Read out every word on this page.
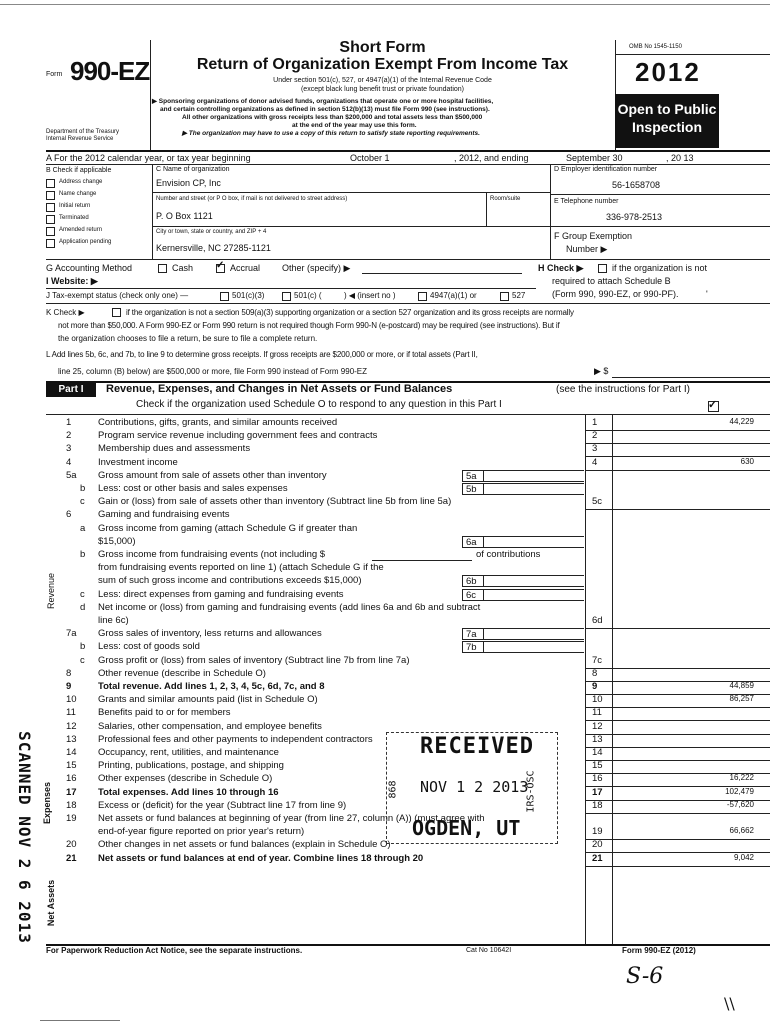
Form 990-EZ
Department of the Treasury
Internal Revenue Service
Short Form
Return of Organization Exempt From Income Tax
Under section 501(c), 527, or 4947(a)(1) of the Internal Revenue Code
(except black lung benefit trust or private foundation)
▶ Sponsoring organizations of donor advised funds, organizations that operate one or more hospital facilities,
and certain controlling organizations as defined in section 512(b)(13) must file Form 990 (see instructions).
All other organizations with gross receipts less than $200,000 and total assets less than $500,000
at the end of the year may use this form.
▶ The organization may have to use a copy of this return to satisfy state reporting requirements.
OMB No 1545-1150
2012
Open to Public
Inspection
A For the 2012 calendar year, or tax year beginning	October 1	, 2012, and ending	September 30	, 20 13
B Check if applicable
Address change
Name change
Initial return
Terminated
Amended return
Application pending
C Name of organization
Envision CP, Inc
Number and street (or P O box, if mail is not delivered to street address)	Room/suite
P. O Box 1121
City or town, state or country, and ZIP + 4
Kernersville, NC 27285-1121
D Employer identification number
56-1658708
E Telephone number
336-978-2513
F Group Exemption
Number ▶
G Accounting Method	Cash ✓ Accrual Other (specify) ▶	H Check ▶	if the organization is not
required to attach Schedule B
(Form 990, 990-EZ, or 990-PF).	'
I Website: ▶
J Tax-exempt status (check only one) —	501(c)(3)	501(c) (	) ◀ (insert no )	4947(a)(1) or	527
K Check ▶	if the organization is not a section 509(a)(3) supporting organization or a section 527 organization and its gross receipts are normally
not more than $50,000. A Form 990-EZ or Form 990 return is not required though Form 990-N (e-postcard) may be required (see instructions). But if
the organization chooses to file a return, be sure to file a complete return.
L Add lines 5b, 6c, and 7b, to line 9 to determine gross receipts. If gross receipts are $200,000 or more, or if total assets (Part II,
line 25, column (B) below) are $500,000 or more, file Form 990 instead of Form 990-EZ	▶ $
Part I	Revenue, Expenses, and Changes in Net Assets or Fund Balances	(see the instructions for Part I)
Check if the organization used Schedule O to respond to any question in this Part I	✓
Revenue
Expenses
Net Assets
1	Contributions, gifts, grants, and similar amounts received	1	44,229
2	Program service revenue including government fees and contracts	2
3	Membership dues and assessments	3
4	Investment income	4	630
5a	Gross amount from sale of assets other than inventory	5a
b	Less: cost or other basis and sales expenses	5b
c	Gain or (loss) from sale of assets other than inventory (Subtract line 5b from line 5a)	5c
6	Gaming and fundraising events
a	Gross income from gaming (attach Schedule G if greater than
$15,000)	6a
b	Gross income from fundraising events (not including $	of contributions
from fundraising events reported on line 1) (attach Schedule G if the
sum of such gross income and contributions exceeds $15,000)	6b
c	Less: direct expenses from gaming and fundraising events	6c
d	Net income or (loss) from gaming and fundraising events (add lines 6a and 6b and subtract
line 6c)	6d
7a	Gross sales of inventory, less returns and allowances	7a
b	Less: cost of goods sold	7b
c	Gross profit or (loss) from sales of inventory (Subtract line 7b from line 7a)	7c
8	Other revenue (describe in Schedule O)	8
9	Total revenue. Add lines 1, 2, 3, 4, 5c, 6d, 7c, and 8	9	44,859
10	Grants and similar amounts paid (list in Schedule O)	10	86,257
11	Benefits paid to or for members	11
12	Salaries, other compensation, and employee benefits	12
13	Professional fees and other payments to independent contractors	13
14	Occupancy, rent, utilities, and maintenance	14
15	Printing, publications, postage, and shipping	15
16	Other expenses (describe in Schedule O)	16	16,222
17	Total expenses. Add lines 10 through 16	17	102,479
18	Excess or (deficit) for the year (Subtract line 17 from line 9)	18	-57,620
19	Net assets or fund balances at beginning of year (from line 27, column (A)) (must agree with
end-of-year figure reported on prior year's return)	19	66,662
20	Other changes in net assets or fund balances (explain in Schedule O)	20
21	Net assets or fund balances at end of year. Combine lines 18 through 20	21	9,042
RECEIVED
NOV 1 2 2013
OGDEN, UT
IRS-OSC
868
SCANNED NOV 2 6 2013
For Paperwork Reduction Act Notice, see the separate instructions.	Cat No 10642I	Form 990-EZ (2012)
S-6
\\
